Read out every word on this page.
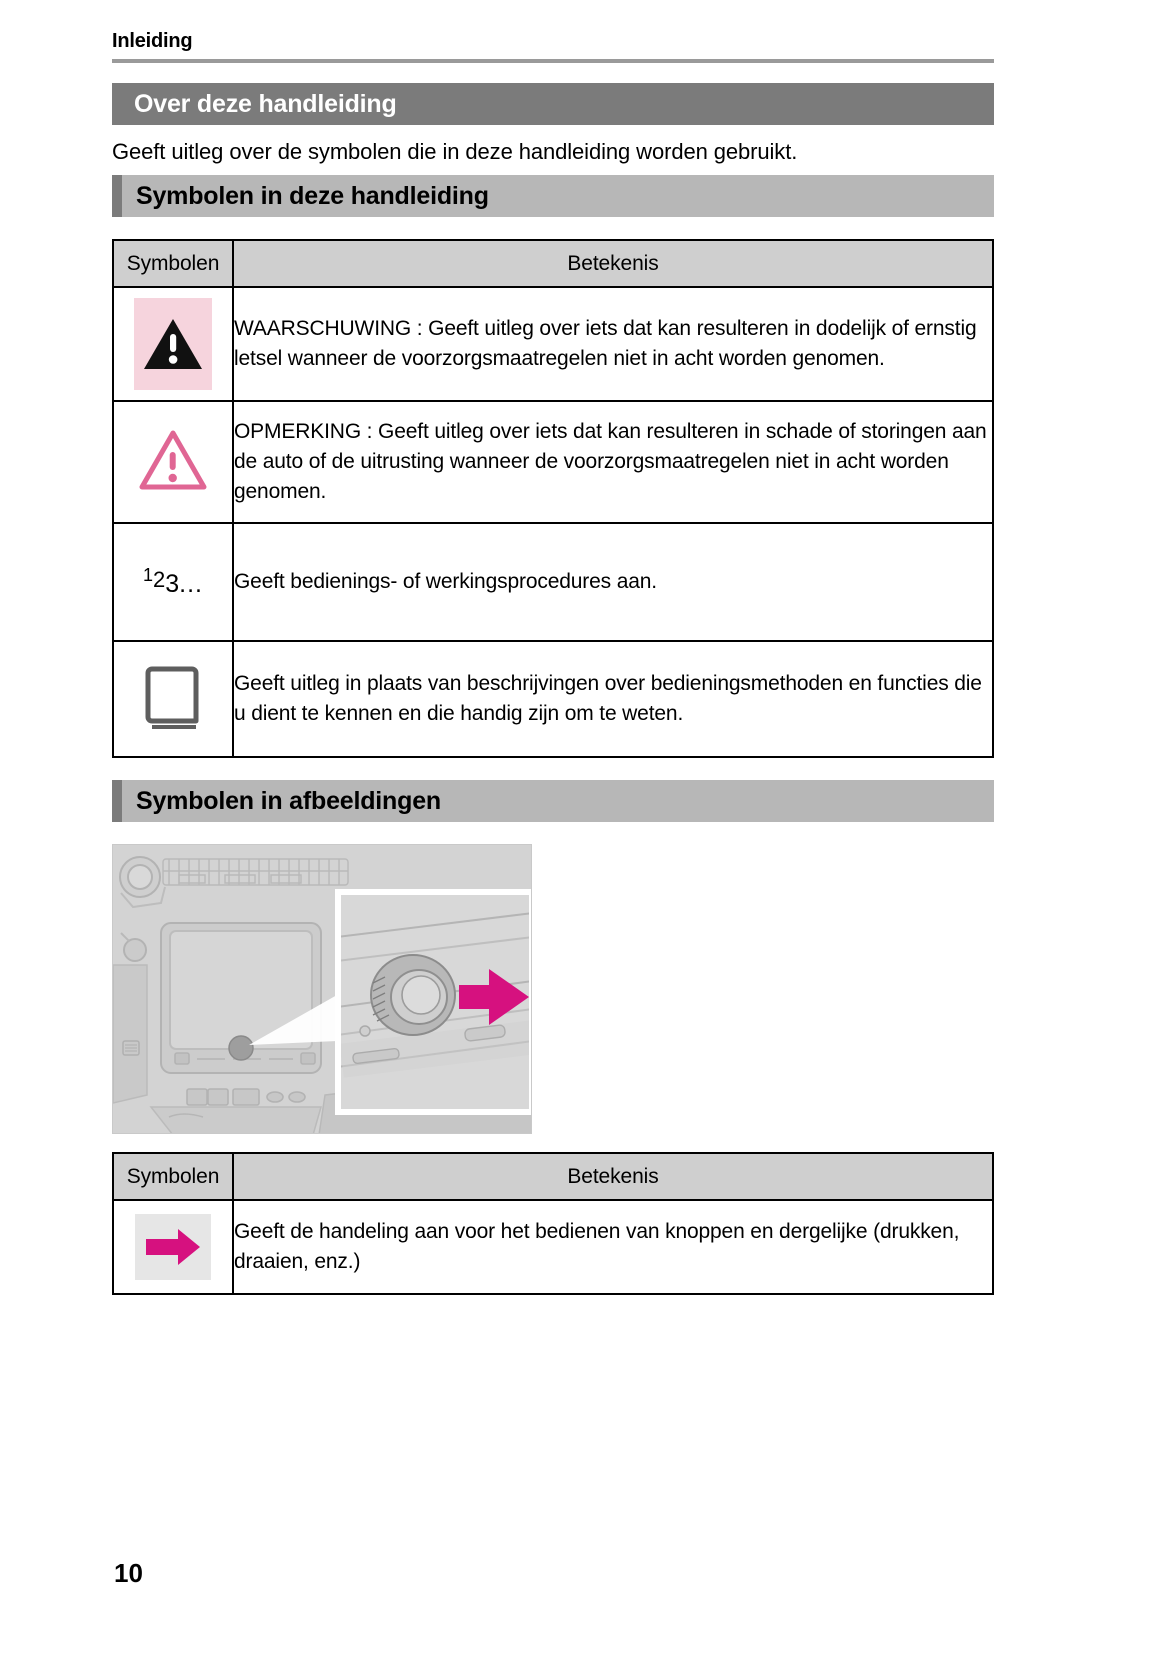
Inleiding
Over deze handleiding
Geeft uitleg over de symbolen die in deze handleiding worden gebruikt.
Symbolen in deze handleiding
Symbolen	Betekenis

	WAARSCHUWING : Geeft uitleg over iets dat kan resulteren in dodelijk of ernstig letsel wanneer de voorzorgsmaatregelen niet in acht worden genomen.
	OPMERKING : Geeft uitleg over iets dat kan resulteren in schade of storingen aan de auto of de uitrusting wanneer de voorzorgsmaatregelen niet in acht worden genomen.
123...	Geeft bedienings- of werkingsprocedures aan.
	Geeft uitleg in plaats van beschrijvingen over bedieningsmethoden en functies die u dient te kennen en die handig zijn om te weten.
Symbolen in afbeeldingen
Symbolen	Betekenis

	Geeft de handeling aan voor het bedienen van knoppen en dergelijke (drukken, draaien, enz.)
10
